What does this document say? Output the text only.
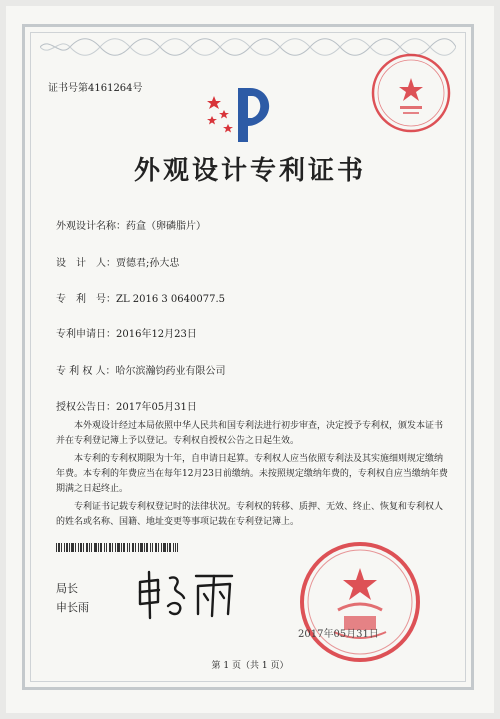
证书号第4161264号
外观设计专利证书
外观设计名称：药盒（卵磷脂片）
设　计　人：贾德君;孙大忠
专　利　号：ZL 2016 3 0640077.5
专利申请日：2016年12月23日
专 利 权 人：哈尔滨瀚钧药业有限公司
授权公告日：2017年05月31日

本外观设计经过本局依照中华人民共和国专利法进行初步审查，决定授予专利权，颁发本证书并在专利登记簿上予以登记。专利权自授权公告之日起生效。

本专利的专利权期限为十年，自申请日起算。专利权人应当依照专利法及其实施细则规定缴纳年费。本专利的年费应当在每年12月23日前缴纳。未按照规定缴纳年费的，专利权自应当缴纳年费期满之日起终止。

专利证书记载专利权登记时的法律状况。专利权的转移、质押、无效、终止、恢复和专利权人的姓名或名称、国籍、地址变更等事项记载在专利登记簿上。

局长
申长雨
2017年05月31日
第 1 页（共 1 页）
